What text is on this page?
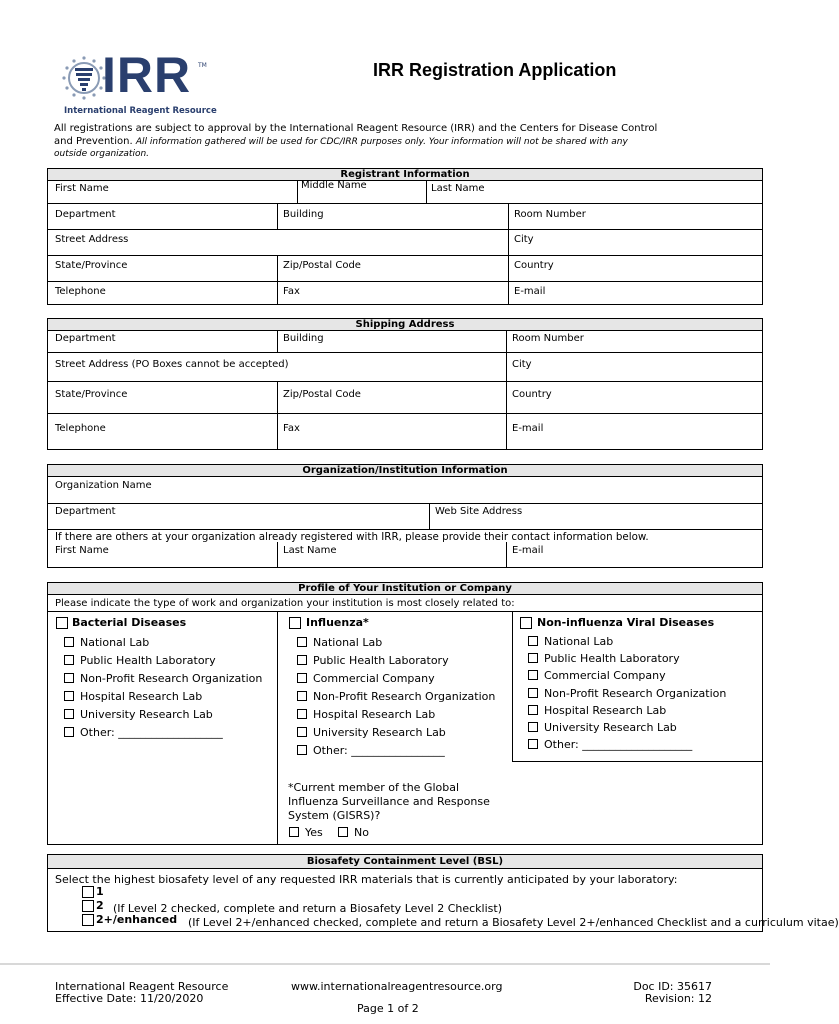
IRR TM
International Reagent Resource
IRR Registration Application
All registrations are subject to approval by the International Reagent Resource (IRR) and the Centers for Disease Control
and Prevention. All information gathered will be used for CDC/IRR purposes only. Your information will not be shared with any
outside organization.
Registrant Information
First Name	Middle Name	Last Name
Department	Building	Room Number
Street Address	City
State/Province	Zip/Postal Code	Country
Telephone	Fax	E-mail
Shipping Address
Department	Building	Room Number
Street Address (PO Boxes cannot be accepted)	City
State/Province	Zip/Postal Code	Country
Telephone	Fax	E-mail
Organization/Institution Information
Organization Name
Department	Web Site Address
If there are others at your organization already registered with IRR, please provide their contact information below.
First Name	Last Name	E-mail
Profile of Your Institution or Company
Please indicate the type of work and organization your institution is most closely related to:
Bacterial Diseases
National Lab
Public Health Laboratory
Non-Profit Research Organization
Hospital Research Lab
University Research Lab
Other: ___________________
Influenza*
National Lab
Public Health Laboratory
Commercial Company
Non-Profit Research Organization
Hospital Research Lab
University Research Lab
Other: _________________
*Current member of the Global
Influenza Surveillance and Response
System (GISRS)?
Yes	No
Non-influenza Viral Diseases
National Lab
Public Health Laboratory
Commercial Company
Non-Profit Research Organization
Hospital Research Lab
University Research Lab
Other: ____________________
Biosafety Containment Level (BSL)
Select the highest biosafety level of any requested IRR materials that is currently anticipated by your laboratory:
1
2 (If Level 2 checked, complete and return a Biosafety Level 2 Checklist)
2+/enhanced (If Level 2+/enhanced checked, complete and return a Biosafety Level 2+/enhanced Checklist and a curriculum vitae)
International Reagent Resource
Effective Date: 11/20/2020
www.internationalreagentresource.org
Page 1 of 2
Doc ID: 35617
Revision: 12
